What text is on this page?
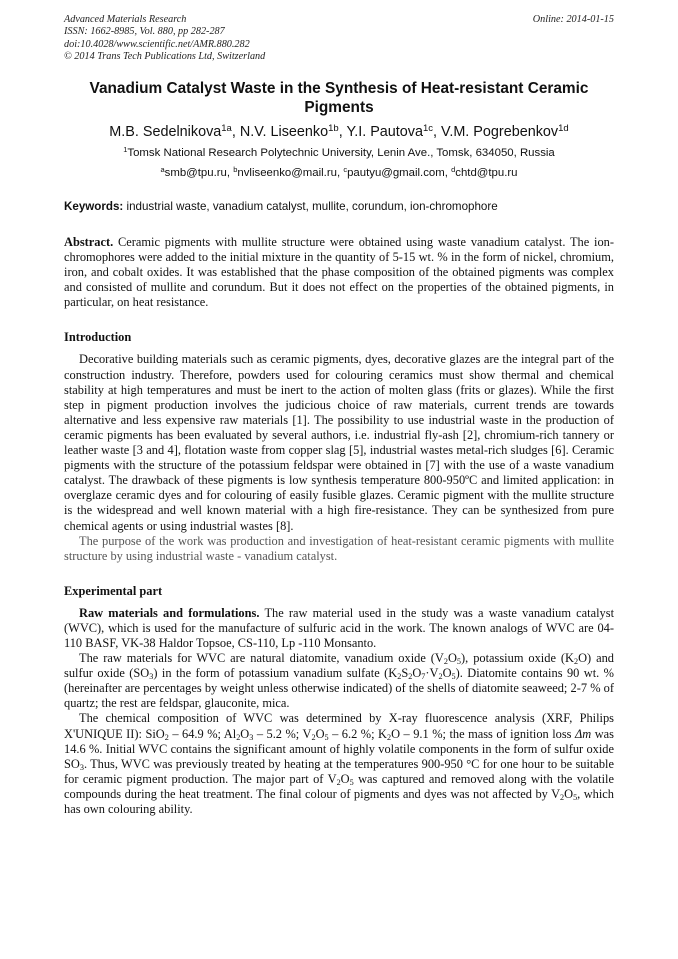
Advanced Materials Research
ISSN: 1662-8985, Vol. 880, pp 282-287
doi:10.4028/www.scientific.net/AMR.880.282
© 2014 Trans Tech Publications Ltd, Switzerland
Online: 2014-01-15
Vanadium Catalyst Waste in the Synthesis of Heat-resistant Ceramic Pigments
M.B. Sedelnikova$^{1a}$, N.V. Liseenko$^{1b}$, Y.I. Pautova$^{1c}$, V.M. Pogrebenkov$^{1d}$
$^1$Tomsk National Research Polytechnic University, Lenin Ave., Tomsk, 634050, Russia
$^a$smb@tpu.ru, $^b$nvliseenko@mail.ru, $^c$pautyu@gmail.com, $^d$chtd@tpu.ru
Keywords: industrial waste, vanadium catalyst, mullite, corundum, ion-chromophore
Abstract. Ceramic pigments with mullite structure were obtained using waste vanadium catalyst. The ion-chromophores were added to the initial mixture in the quantity of 5-15 wt. % in the form of nickel, chromium, iron, and cobalt oxides. It was established that the phase composition of the obtained pigments was complex and consisted of mullite and corundum. But it does not effect on the properties of the obtained pigments, in particular, on heat resistance.
Introduction
Decorative building materials such as ceramic pigments, dyes, decorative glazes are the integral part of the construction industry. Therefore, powders used for colouring ceramics must show thermal and chemical stability at high temperatures and must be inert to the action of molten glass (frits or glazes). While the first step in pigment production involves the judicious choice of raw materials, current trends are towards alternative and less expensive raw materials [1]. The possibility to use industrial waste in the production of ceramic pigments has been evaluated by several authors, i.e. industrial fly-ash [2], chromium-rich tannery or leather waste [3 and 4], flotation waste from copper slag [5], industrial wastes metal-rich sludges [6]. Ceramic pigments with the structure of the potassium feldspar were obtained in [7] with the use of a waste vanadium catalyst. The drawback of these pigments is low synthesis temperature 800-950ºC and limited application: in overglaze ceramic dyes and for colouring of easily fusible glazes. Ceramic pigment with the mullite structure is the widespread and well known material with a high fire-resistance. They can be synthesized from pure chemical agents or using industrial wastes [8].
The purpose of the work was production and investigation of heat-resistant ceramic pigments with mullite structure by using industrial waste - vanadium catalyst.
Experimental part
Raw materials and formulations. The raw material used in the study was a waste vanadium catalyst (WVC), which is used for the manufacture of sulfuric acid in the work. The known analogs of WVC are 04-110 BASF, VK-38 Haldor Topsoe, CS-110, Lp -110 Monsanto.
The raw materials for WVC are natural diatomite, vanadium oxide $(V_2O_5)$, potassium oxide $(K_2O)$ and sulfur oxide $(SO_3)$ in the form of potassium vanadium sulfate $(K_2S_2O_7\cdot V_2O_5)$. Diatomite contains 90 wt. % (hereinafter are percentages by weight unless otherwise indicated) of the shells of diatomite seaweed; 2-7 % of quartz; the rest are feldspar, glauconite, mica.
The chemical composition of WVC was determined by X-ray fluorescence analysis (XRF, Philips X'UNIQUE II): SiO$_2$ – 64.9 %; $Al_2O_3 - 5.2$ %; $V_2O_5 - 6.2$ %; $K_2O - 9.1$ %; the mass of ignition loss Δm was 14.6 %. Initial WVC contains the significant amount of highly volatile components in the form of sulfur oxide $SO_3$. Thus, WVC was previously treated by heating at the temperatures 900-950 °С for one hour to be suitable for ceramic pigment production. The major part of $V_2O_5$ was captured and removed along with the volatile compounds during the heat treatment. The final colour of pigments and dyes was not affected by $V_2O_5$, which has own colouring ability.
